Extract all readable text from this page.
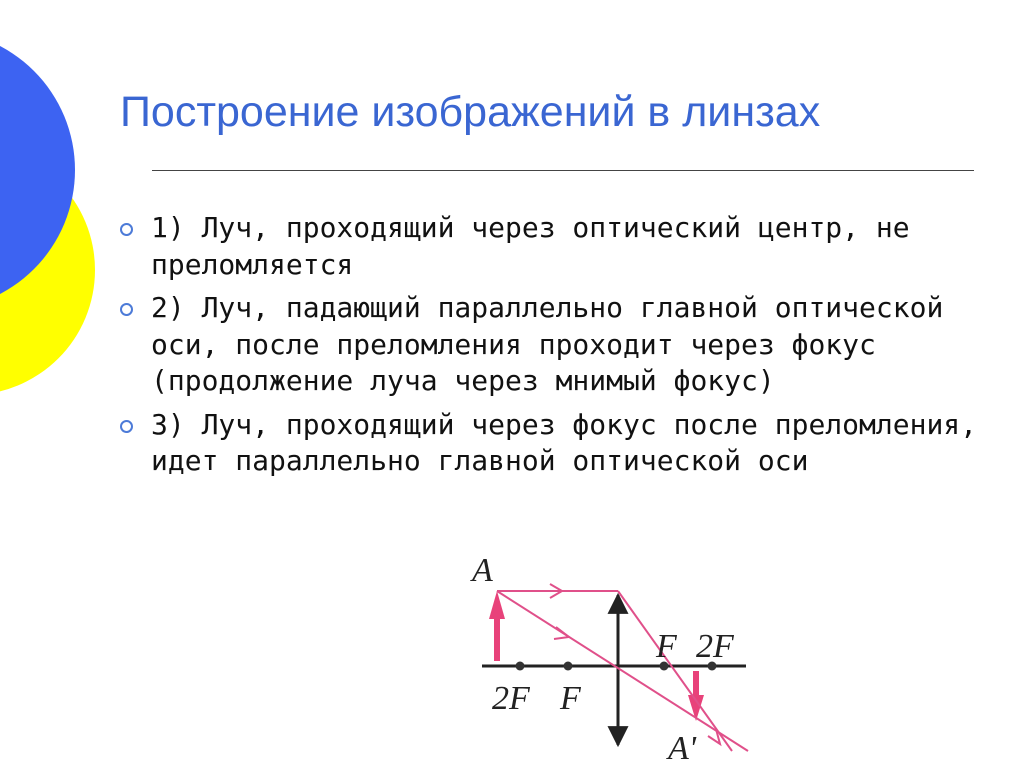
Построение изображений в линзах
1) Луч, проходящий через оптический центр, не преломляется
2) Луч, падающий параллельно главной оптической оси, после преломления проходит через фокус (продолжение луча через мнимый фокус)
3) Луч, проходящий через фокус после преломления, идет параллельно главной оптической оси
A
F 2F
2F F
A'
